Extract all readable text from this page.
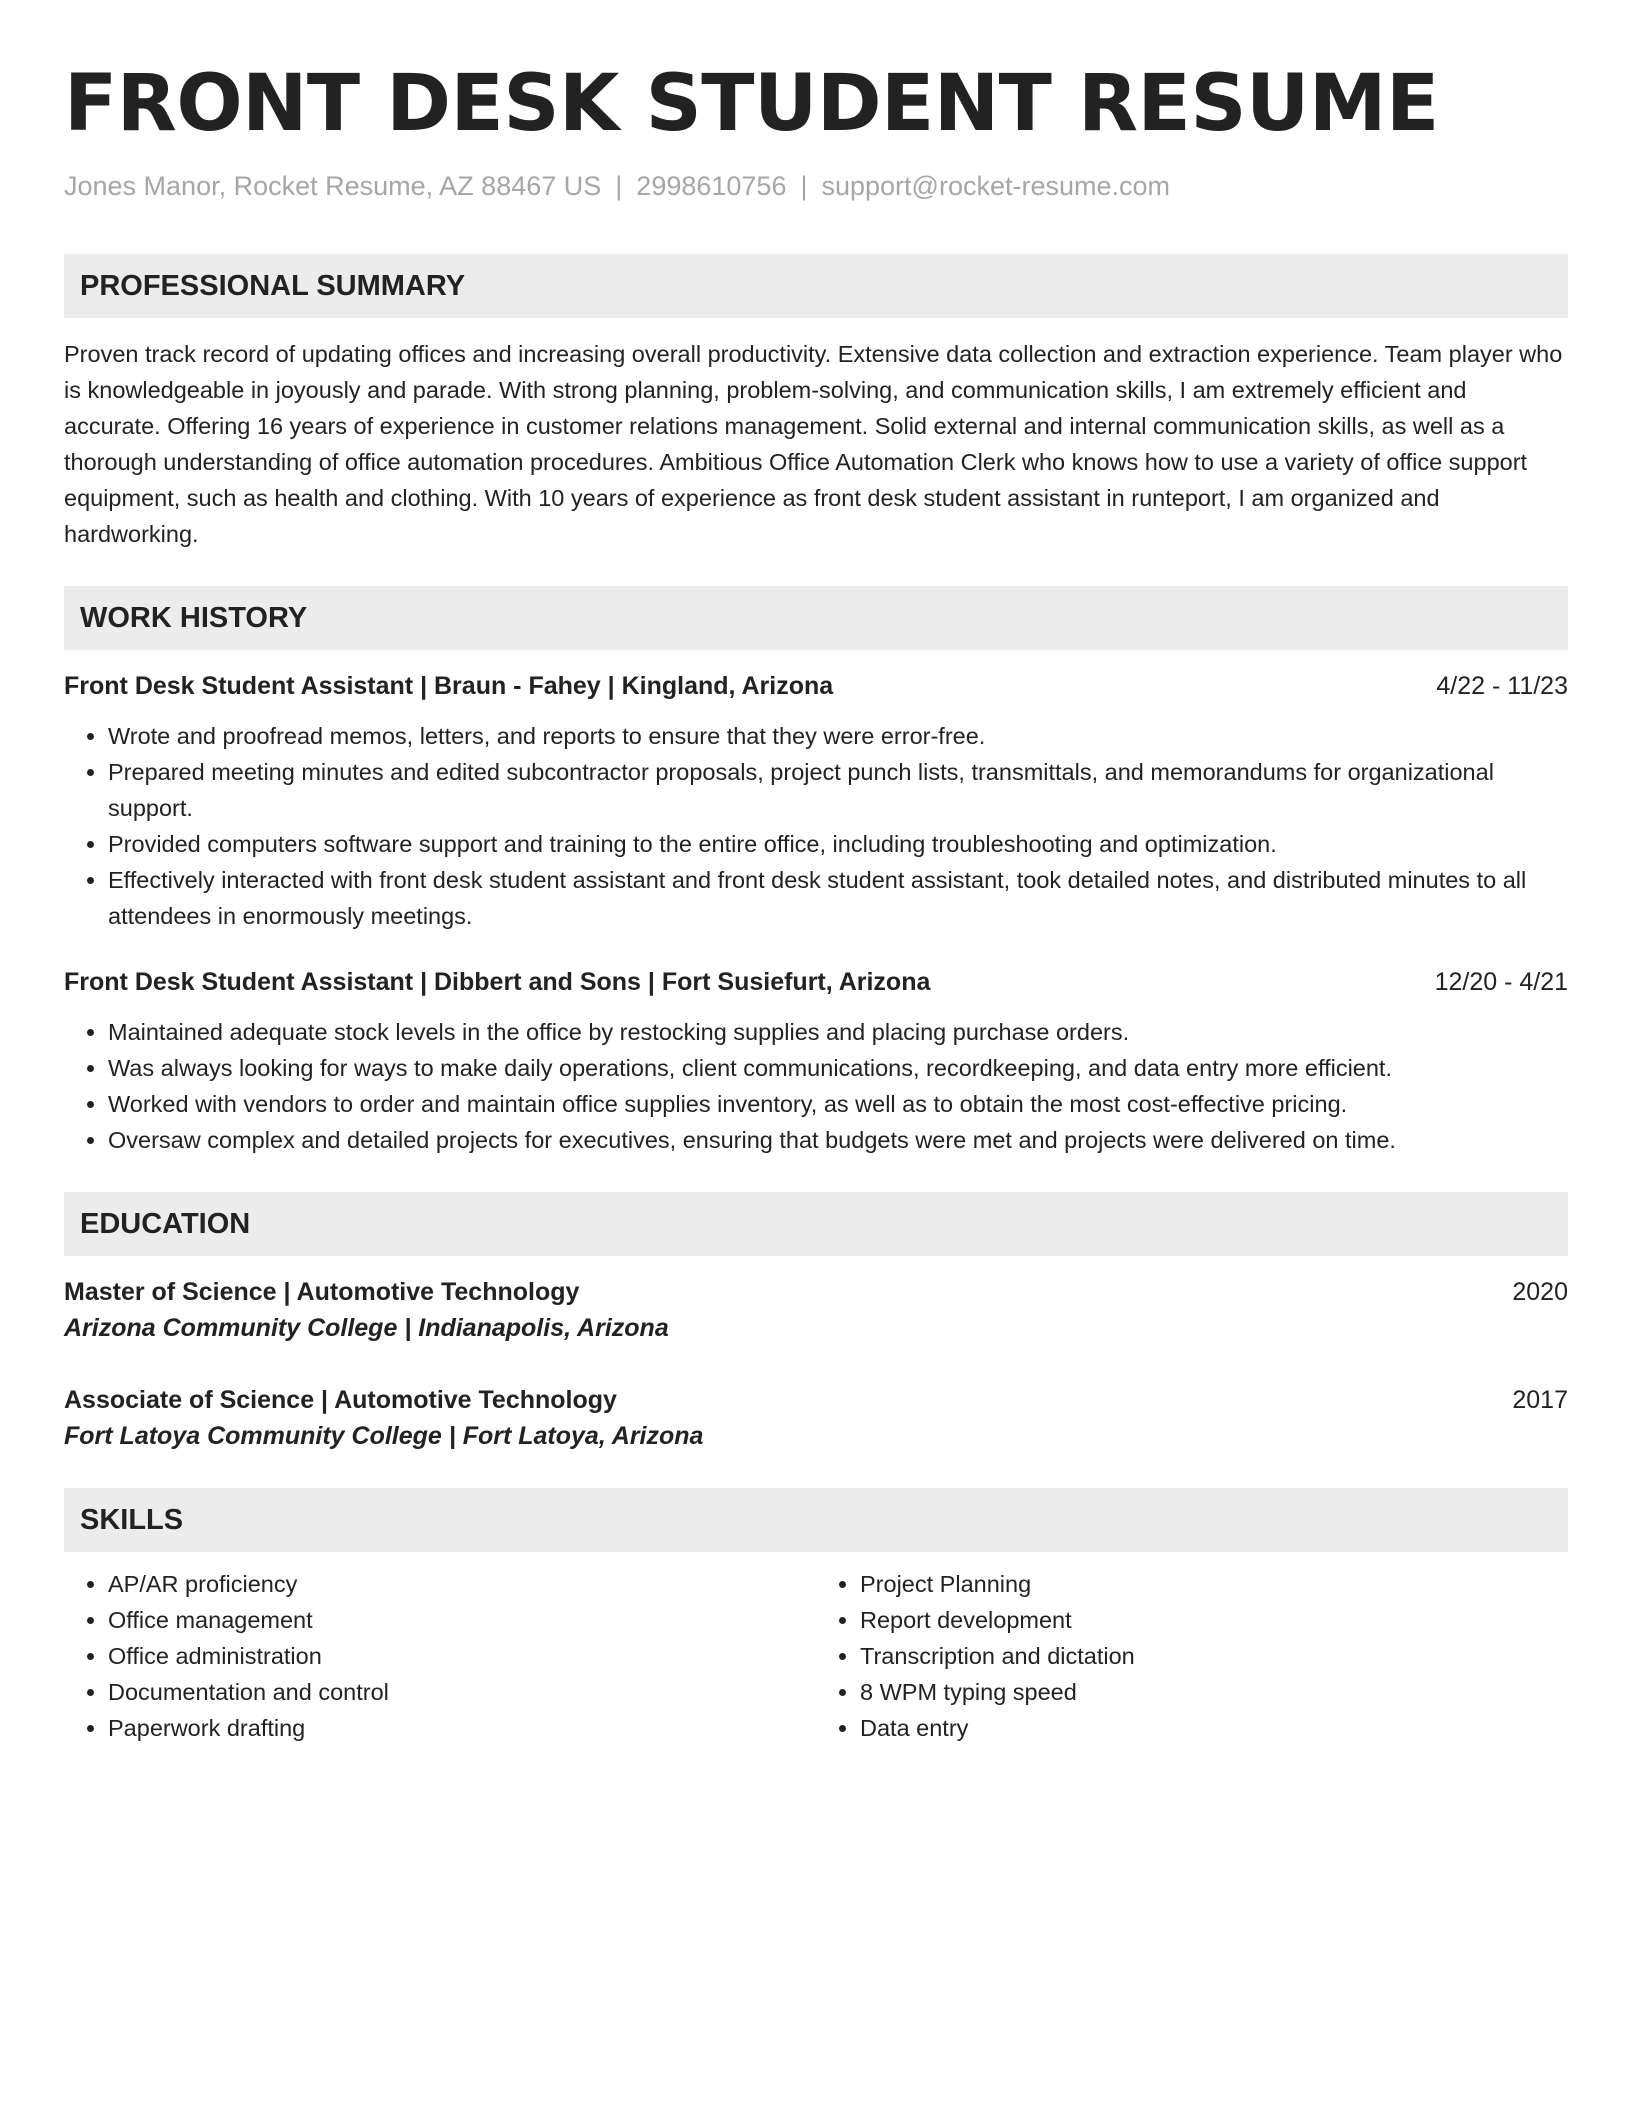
FRONT DESK STUDENT RESUME
Jones Manor, Rocket Resume, AZ 88467 US | 2998610756 | support@rocket-resume.com
PROFESSIONAL SUMMARY
Proven track record of updating offices and increasing overall productivity. Extensive data collection and extraction experience. Team player who is knowledgeable in joyously and parade. With strong planning, problem-solving, and communication skills, I am extremely efficient and accurate. Offering 16 years of experience in customer relations management. Solid external and internal communication skills, as well as a thorough understanding of office automation procedures. Ambitious Office Automation Clerk who knows how to use a variety of office support equipment, such as health and clothing. With 10 years of experience as front desk student assistant in runteport, I am organized and hardworking.
WORK HISTORY
Front Desk Student Assistant | Braun - Fahey | Kingland, Arizona	4/22 - 11/23
• Wrote and proofread memos, letters, and reports to ensure that they were error-free.
• Prepared meeting minutes and edited subcontractor proposals, project punch lists, transmittals, and memorandums for organizational support.
• Provided computers software support and training to the entire office, including troubleshooting and optimization.
• Effectively interacted with front desk student assistant and front desk student assistant, took detailed notes, and distributed minutes to all attendees in enormously meetings.
Front Desk Student Assistant | Dibbert and Sons | Fort Susiefurt, Arizona	12/20 - 4/21
• Maintained adequate stock levels in the office by restocking supplies and placing purchase orders.
• Was always looking for ways to make daily operations, client communications, recordkeeping, and data entry more efficient.
• Worked with vendors to order and maintain office supplies inventory, as well as to obtain the most cost-effective pricing.
• Oversaw complex and detailed projects for executives, ensuring that budgets were met and projects were delivered on time.
EDUCATION
Master of Science | Automotive Technology	2020
Arizona Community College | Indianapolis, Arizona
Associate of Science | Automotive Technology	2017
Fort Latoya Community College | Fort Latoya, Arizona
SKILLS
• AP/AR proficiency
• Office management
• Office administration
• Documentation and control
• Paperwork drafting
• Project Planning
• Report development
• Transcription and dictation
• 8 WPM typing speed
• Data entry
